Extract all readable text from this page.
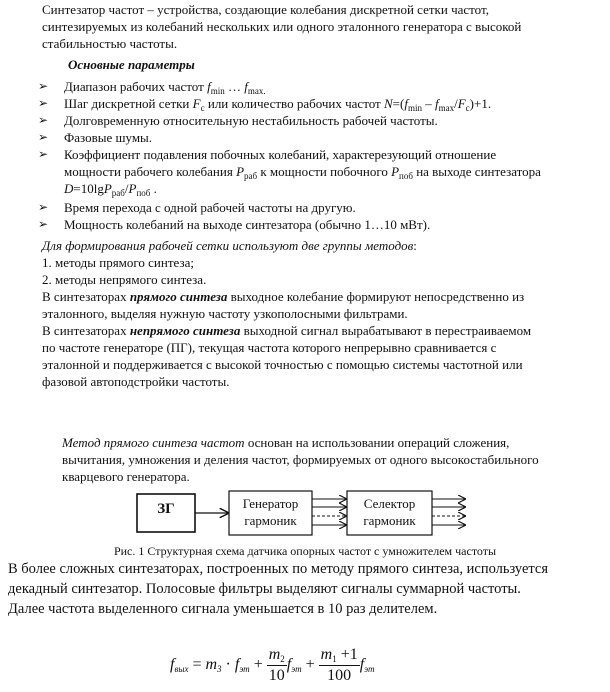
Синтезатор частот – устройства, создающие колебания дискретной сетки частот,
синтезируемых из колебаний нескольких или одного эталонного генератора с высокой
стабильностью частоты.
Основные параметры
➢ Диапазон рабочих частот $f_{min}$ … $f_{max.}$
➢ Шаг дискретной сетки $F_c$ или количество рабочих частот $N=(f_{min} - f_{max}/F_c)+1$.
➢ Долговременную относительную нестабильность рабочей частоты.
➢ Фазовые шумы.
➢ Коэффициент подавления побочных колебаний, характерезующий отношение
мощности рабочего колебания $P_{раб}$ к мощности побочного $P_{поб}$ на выходе синтезатора
$D=10\lg P_{раб}/P_{поб}$ .
➢ Время перехода с одной рабочей частоты на другую.
➢ Мощность колебаний на выходе синтезатора (обычно 1…10 мВт).
Для формирования рабочей сетки используют две группы методов:
1. методы прямого синтеза;
2. методы непрямого синтеза.
В синтезаторах прямого синтеза выходное колебание формируют непосредственно из
эталонного, выделяя нужную частоту узкополосными фильтрами.
В синтезаторах непрямого синтеза выходной сигнал вырабатывают в перестраиваемом
по частоте генераторе (ПГ), текущая частота которого непрерывно сравнивается с
эталонной и поддерживается с высокой точностью с помощью системы частотной или
фазовой автоподстройки частоты.
Метод прямого синтеза частот основан на использовании операций сложения,
вычитания, умножения и деления частот, формируемых от одного высокостабильного
кварцевого генератора.
ЗГ	Генератор
гармоник
Селектор
гармоник
Рис. 1 Структурная схема датчика опорных частот с умножителем частоты
В более сложных синтезаторах, построенных по методу прямого синтеза, используется
декадный синтезатор. Полосовые фильтры выделяют сигналы суммарной частоты.
Далее частота выделенного сигнала уменьшается в 10 раз делителем.
$f_{вых} = m_3 \cdot f_{эт} + \frac{m_2}{10} f_{эт} + \frac{m_1 +1}{100} f_{эт}$
